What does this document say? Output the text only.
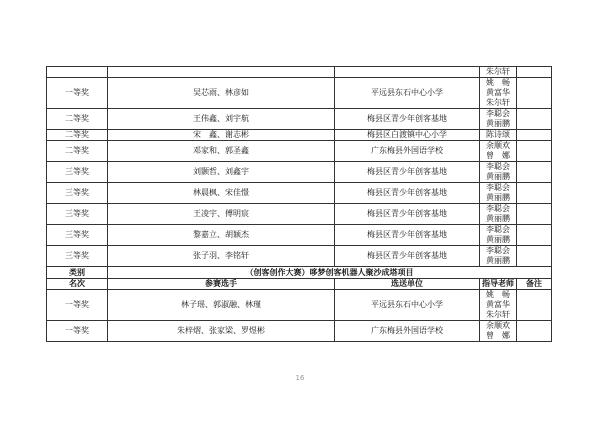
			朱尔轩	

一等奖	吴芯雨、林彦如	平远县东石中心小学	姚　畅
黄富华
朱尔轩	

二等奖	王伟鑫、刘宇航	梅县区青少年创客基地	李聪会
黄丽鹏	

二等奖	宋　鑫、谢志彬	梅县区白渡镇中心小学	陈诗颂	

二等奖	邓家和、郭圣鑫	广东梅县外国语学校	余顺欢
曾　娜	

三等奖	刘颢哲、刘鑫宇	梅县区青少年创客基地	李聪会
黄丽鹏	

三等奖	林晨枫、宋佳憬	梅县区青少年创客基地	李聪会
黄丽鹏	

三等奖	王凌宇、傅明宸	梅县区青少年创客基地	李聪会
黄丽鹏	

三等奖	黎嘉立、胡颖杰	梅县区青少年创客基地	李聪会
黄丽鹏	

三等奖	张子羽、李铭轩	梅县区青少年创客基地	李聪会
黄丽鹏	

类别	（创客创作大赛）哆梦创客机器人聚沙成塔项目			
名次	参赛选手	选送单位	指导老师	备注
一等奖	林子瑶、郭淑融、林瑾	平远县东石中心小学	姚　畅
黄富华
朱尔轩	

一等奖	朱梓熠、张家梁、罗煜彬	广东梅县外国语学校	余顺欢
曾　娜	

16
